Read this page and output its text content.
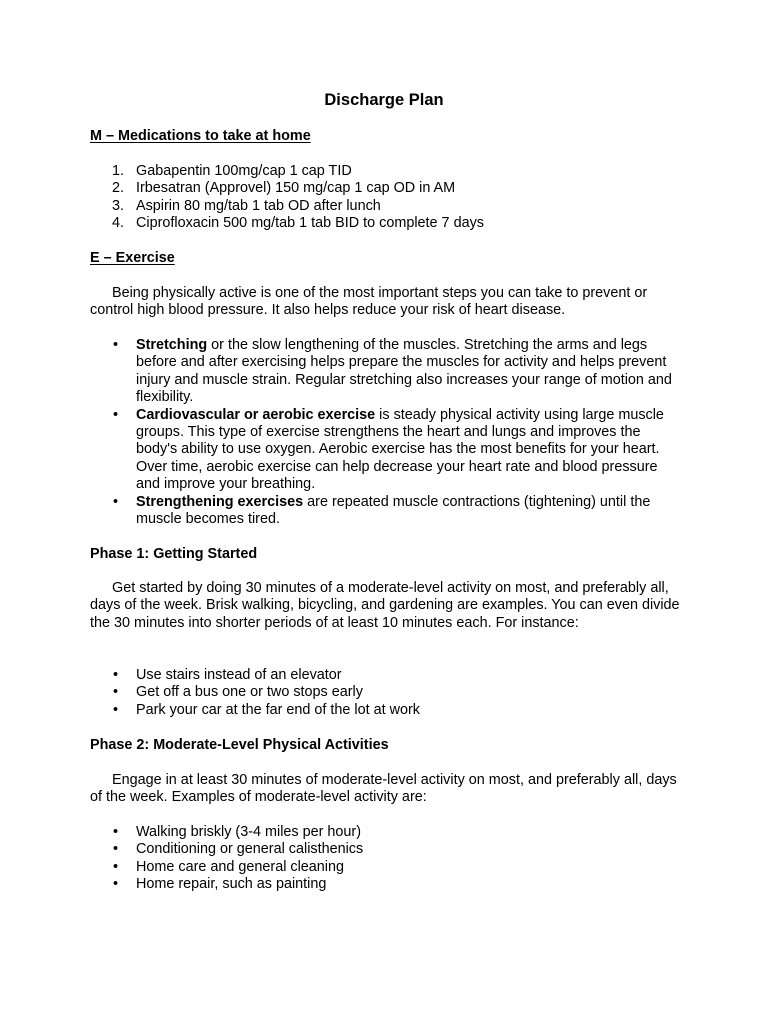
Discharge Plan
M – Medications to take at home
1. Gabapentin 100mg/cap 1 cap TID
2. Irbesatran (Approvel) 150 mg/cap 1 cap OD in AM
3. Aspirin 80 mg/tab 1 tab OD after lunch
4. Ciprofloxacin 500 mg/tab 1 tab BID to complete 7 days
E – Exercise

Being physically active is one of the most important steps you can take to prevent or control high blood pressure. It also helps reduce your risk of heart disease.

• Stretching or the slow lengthening of the muscles. Stretching the arms and legs before and after exercising helps prepare the muscles for activity and helps prevent injury and muscle strain. Regular stretching also increases your range of motion and flexibility.
• Cardiovascular or aerobic exercise is steady physical activity using large muscle groups. This type of exercise strengthens the heart and lungs and improves the body's ability to use oxygen. Aerobic exercise has the most benefits for your heart. Over time, aerobic exercise can help decrease your heart rate and blood pressure and improve your breathing.
• Strengthening exercises are repeated muscle contractions (tightening) until the muscle becomes tired.
Phase 1: Getting Started

Get started by doing 30 minutes of a moderate-level activity on most, and preferably all, days of the week. Brisk walking, bicycling, and gardening are examples. You can even divide the 30 minutes into shorter periods of at least 10 minutes each. For instance:

• Use stairs instead of an elevator
• Get off a bus one or two stops early
• Park your car at the far end of the lot at work
Phase 2: Moderate-Level Physical Activities

Engage in at least 30 minutes of moderate-level activity on most, and preferably all, days of the week. Examples of moderate-level activity are:

• Walking briskly (3-4 miles per hour)
• Conditioning or general calisthenics
• Home care and general cleaning
• Home repair, such as painting
